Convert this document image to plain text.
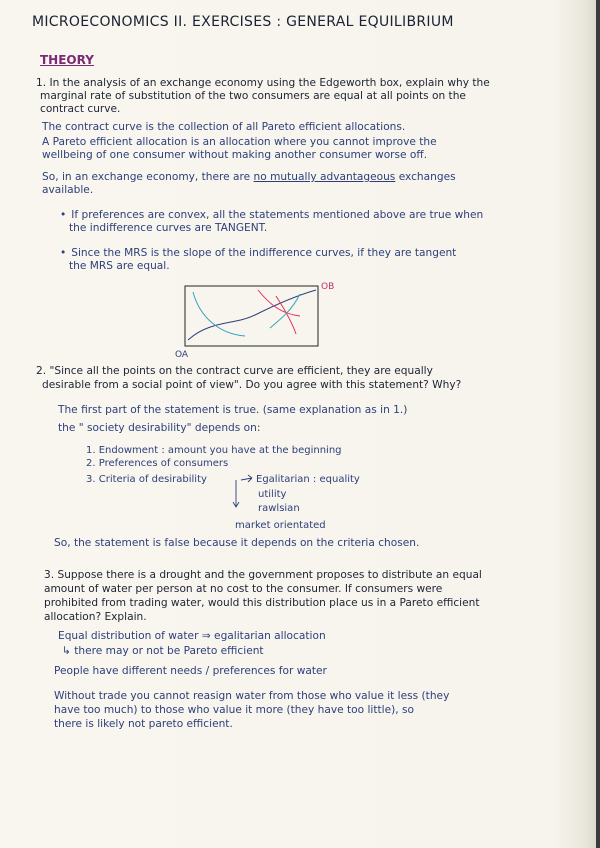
MICROECONOMICS II. EXERCISES : GENERAL EQUILIBRIUM

THEORY

1. In the analysis of an exchange economy using the Edgeworth box, explain why the

marginal rate of substitution of the two consumers are equal at all points on the

contract curve.

The contract curve is the collection of all Pareto efficient allocations.

A Pareto efficient allocation is an allocation where you cannot improve the

wellbeing of one consumer without making another consumer worse off.

So, in an exchange economy, there are no mutually advantageous exchanges

available.

• If preferences are convex, all the statements mentioned above are true when

the indifference curves are TANGENT.

• Since the MRS is the slope of the indifference curves, if they are tangent

the MRS are equal.

OB
OA

2. "Since all the points on the contract curve are efficient, they are equally

desirable from a social point of view". Do you agree with this statement? Why?

The first part of the statement is true. (same explanation as in 1.)

the " society desirability" depends on:

1. Endowment : amount you have at the beginning

2. Preferences of consumers

3. Criteria of desirability	Egalitarian : equality

utility

rawlsian

market orientated

So, the statement is false because it depends on the criteria chosen.

3. Suppose there is a drought and the government proposes to distribute an equal

amount of water per person at no cost to the consumer. If consumers were

prohibited from trading water, would this distribution place us in a Pareto efficient

allocation? Explain.

Equal distribution of water ⇒ egalitarian allocation

↳ there may or not be Pareto efficient

People have different needs / preferences for water

Without trade you cannot reasign water from those who value it less (they

have too much) to those who value it more (they have too little), so

there is likely not pareto efficient.
